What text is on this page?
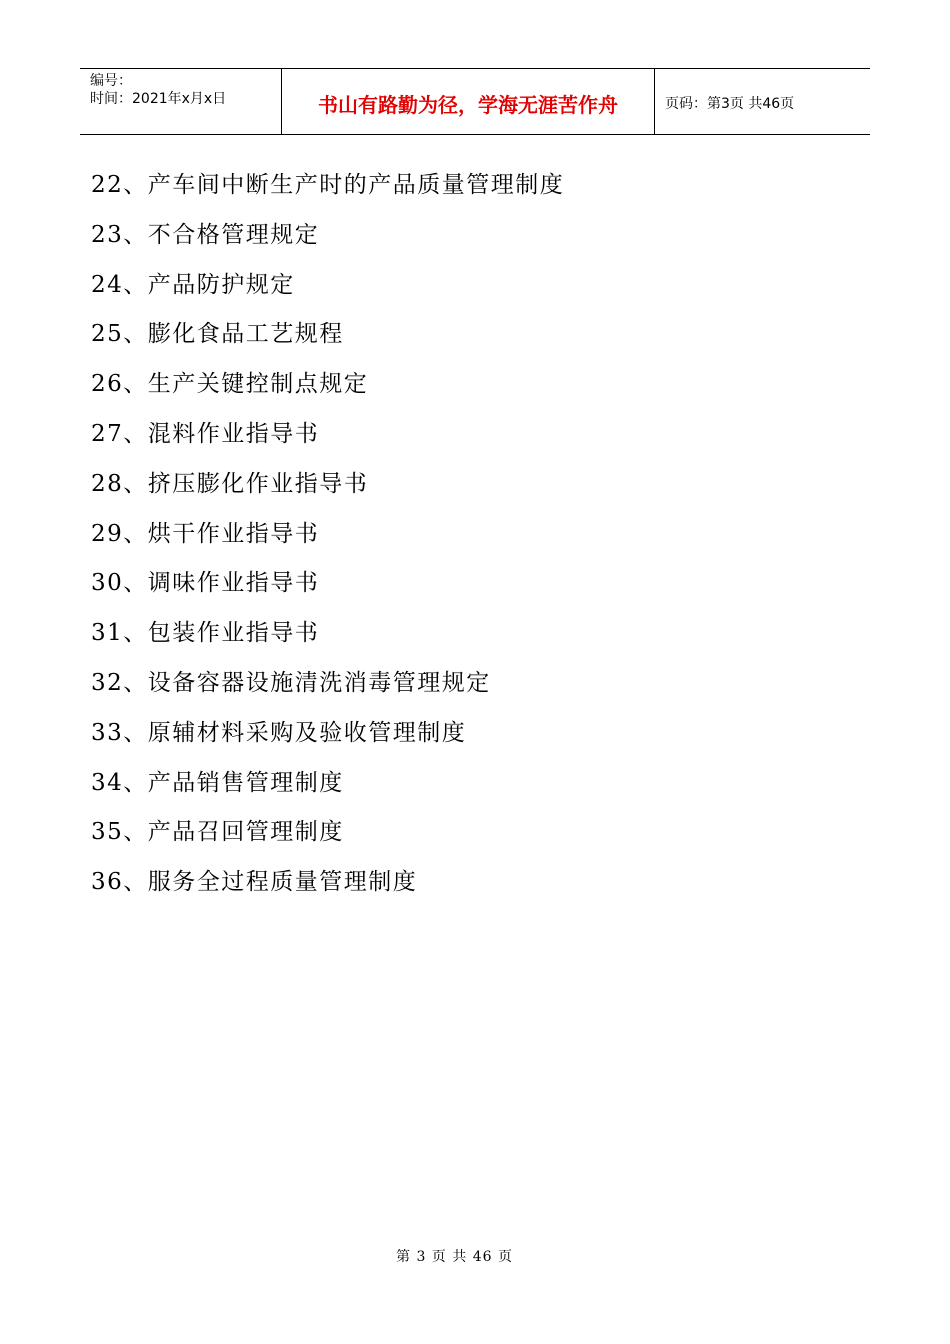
编号：
时间：2021年x月x日	书山有路勤为径，学海无涯苦作舟	页码：第3页 共46页
22、产车间中断生产时的产品质量管理制度
23、不合格管理规定
24、产品防护规定
25、膨化食品工艺规程
26、生产关键控制点规定
27、混料作业指导书
28、挤压膨化作业指导书
29、烘干作业指导书
30、调味作业指导书
31、包装作业指导书
32、设备容器设施清洗消毒管理规定
33、原辅材料采购及验收管理制度
34、产品销售管理制度
35、产品召回管理制度
36、服务全过程质量管理制度
第 3 页 共 46 页
